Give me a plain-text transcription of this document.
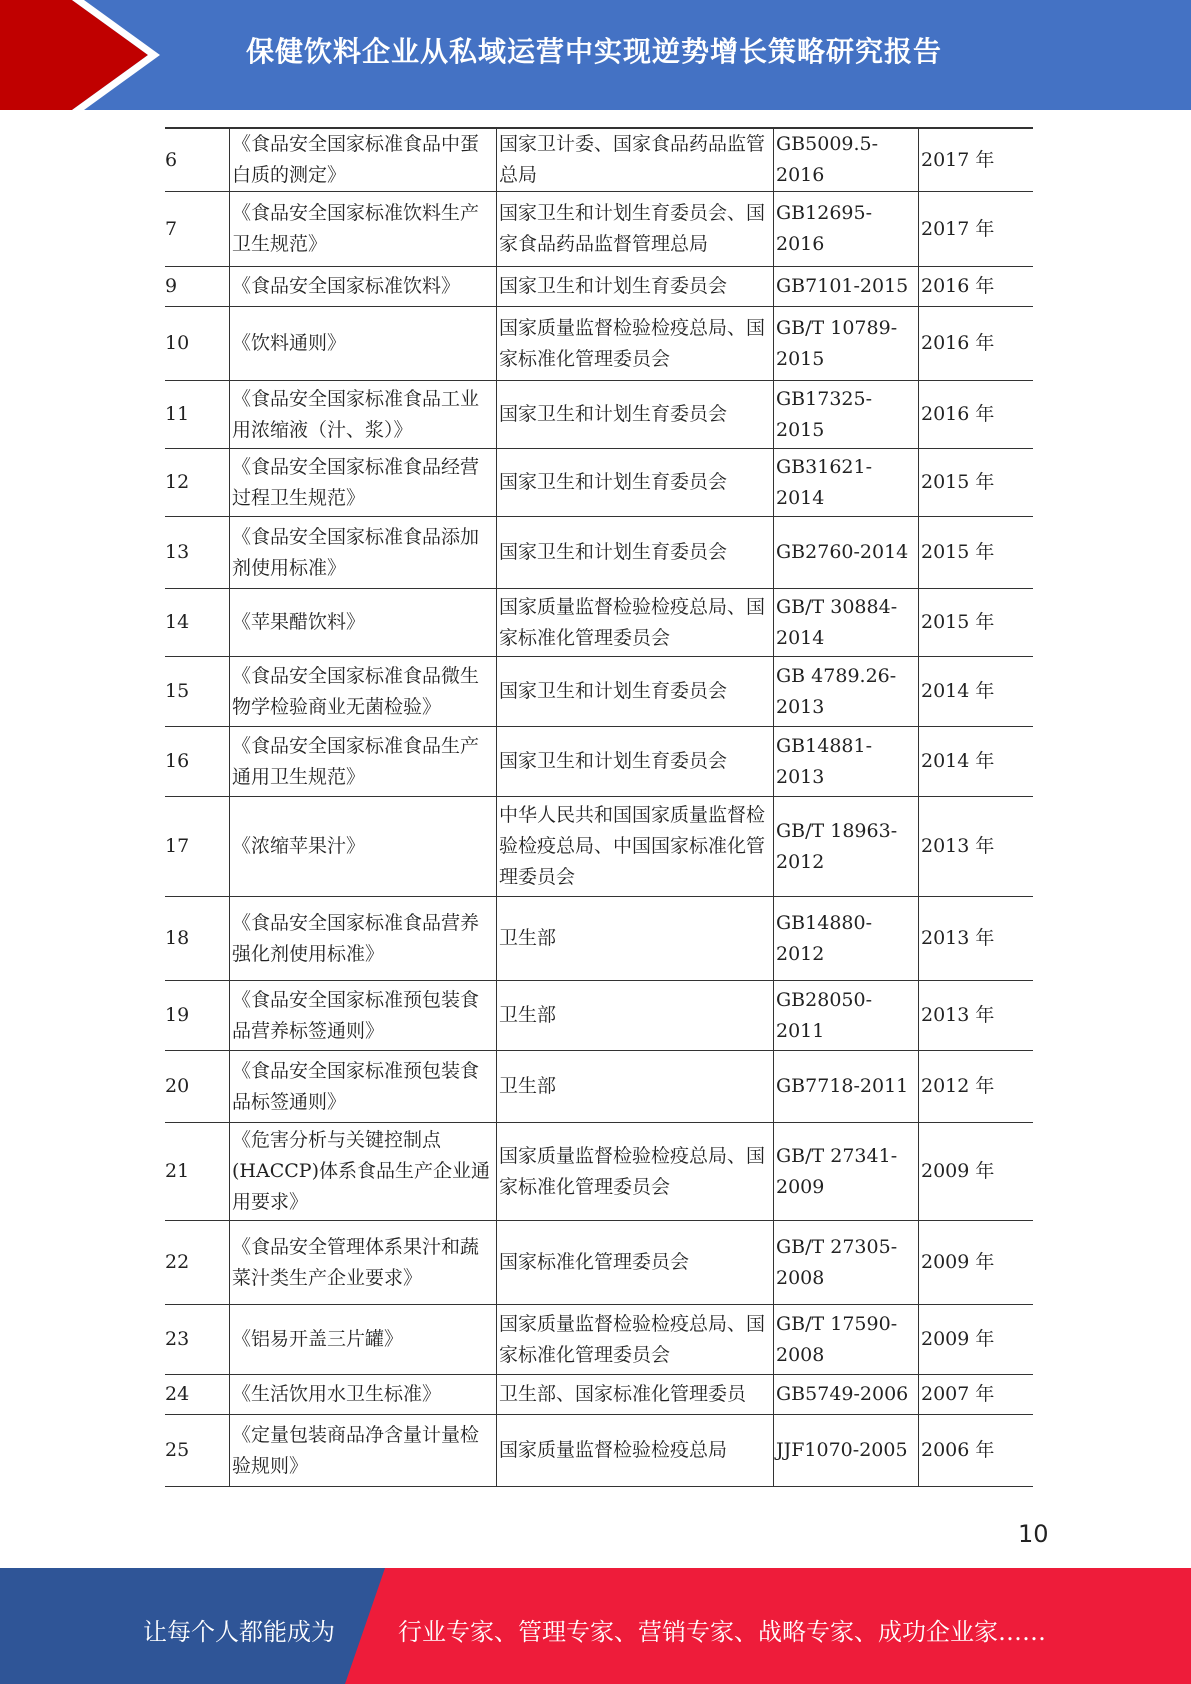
保健饮料企业从私域运营中实现逆势增长策略研究报告
6	《食品安全国家标准食品中蛋白质的测定》	国家卫计委、国家食品药品监管总局	GB5009.5-2016	2017 年
7	《食品安全国家标准饮料生产卫生规范》	国家卫生和计划生育委员会、国家食品药品监督管理总局	GB12695-2016	2017 年
9	《食品安全国家标准饮料》	国家卫生和计划生育委员会	GB7101-2015	2016 年
10	《饮料通则》	国家质量监督检验检疫总局、国家标准化管理委员会	GB/T 10789-2015	2016 年
11	《食品安全国家标准食品工业用浓缩液（汁、浆）》	国家卫生和计划生育委员会	GB17325-2015	2016 年
12	《食品安全国家标准食品经营过程卫生规范》	国家卫生和计划生育委员会	GB31621-2014	2015 年
13	《食品安全国家标准食品添加剂使用标准》	国家卫生和计划生育委员会	GB2760-2014	2015 年
14	《苹果醋饮料》	国家质量监督检验检疫总局、国家标准化管理委员会	GB/T 30884-2014	2015 年
15	《食品安全国家标准食品微生物学检验商业无菌检验》	国家卫生和计划生育委员会	GB 4789.26-2013	2014 年
16	《食品安全国家标准食品生产通用卫生规范》	国家卫生和计划生育委员会	GB14881-2013	2014 年
17	《浓缩苹果汁》	中华人民共和国国家质量监督检验检疫总局、中国国家标准化管理委员会	GB/T 18963-2012	2013 年
18	《食品安全国家标准食品营养强化剂使用标准》	卫生部	GB14880-2012	2013 年
19	《食品安全国家标准预包装食品营养标签通则》	卫生部	GB28050-2011	2013 年
20	《食品安全国家标准预包装食品标签通则》	卫生部	GB7718-2011	2012 年
21	《危害分析与关键控制点(HACCP)体系食品生产企业通用要求》	国家质量监督检验检疫总局、国家标准化管理委员会	GB/T 27341-2009	2009 年
22	《食品安全管理体系果汁和蔬菜汁类生产企业要求》	国家标准化管理委员会	GB/T 27305-2008	2009 年
23	《铝易开盖三片罐》	国家质量监督检验检疫总局、国家标准化管理委员会	GB/T 17590-2008	2009 年
24	《生活饮用水卫生标准》	卫生部、国家标准化管理委员	GB5749-2006	2007 年
25	《定量包装商品净含量计量检验规则》	国家质量监督检验检疫总局	JJF1070-2005	2006 年
10
让每个人都能成为	行业专家、管理专家、营销专家、战略专家、成功企业家……
